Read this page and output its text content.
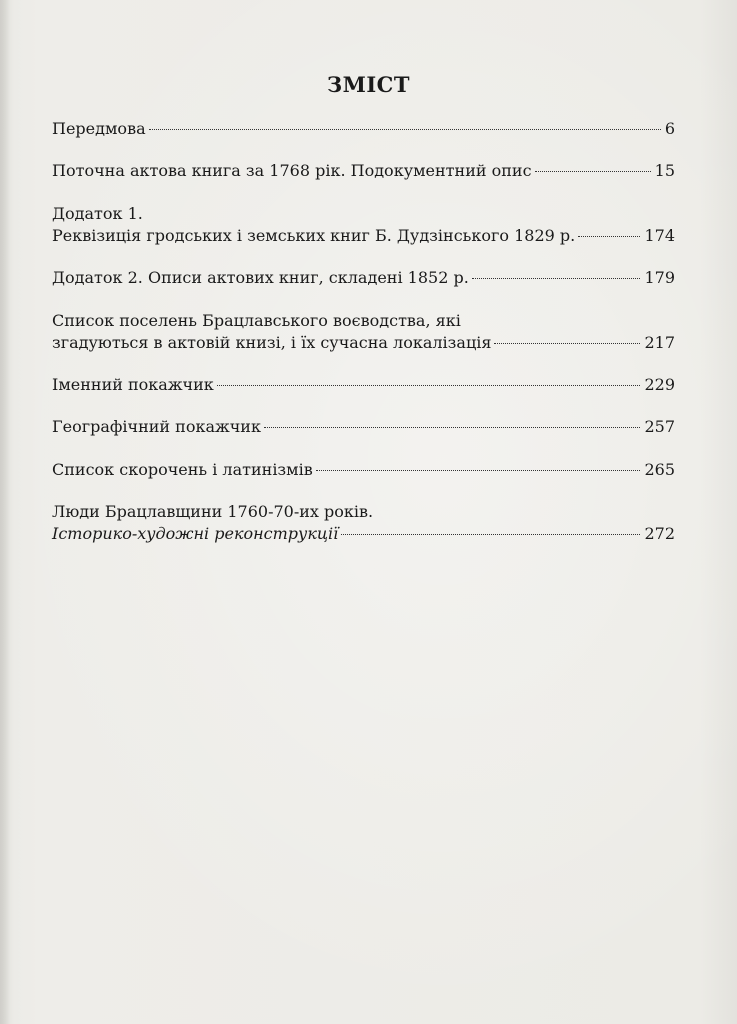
ЗМІСТ
Передмова	6
Поточна актова книга за 1768 рік. Подокументний опис	15
Додаток 1.
Реквізиція гродських і земських книг Б. Дудзінського 1829 р.	174
Додаток 2. Описи актових книг, складені 1852 р.	179
Список поселень Брацлавського воєводства, які
згадуються в актовій книзі, і їх сучасна локалізація	217
Іменний покажчик	229
Географічний покажчик	257
Список скорочень і латинізмів	265
Люди Брацлавщини 1760-70-их років.
Історико-художні реконструкції	272
